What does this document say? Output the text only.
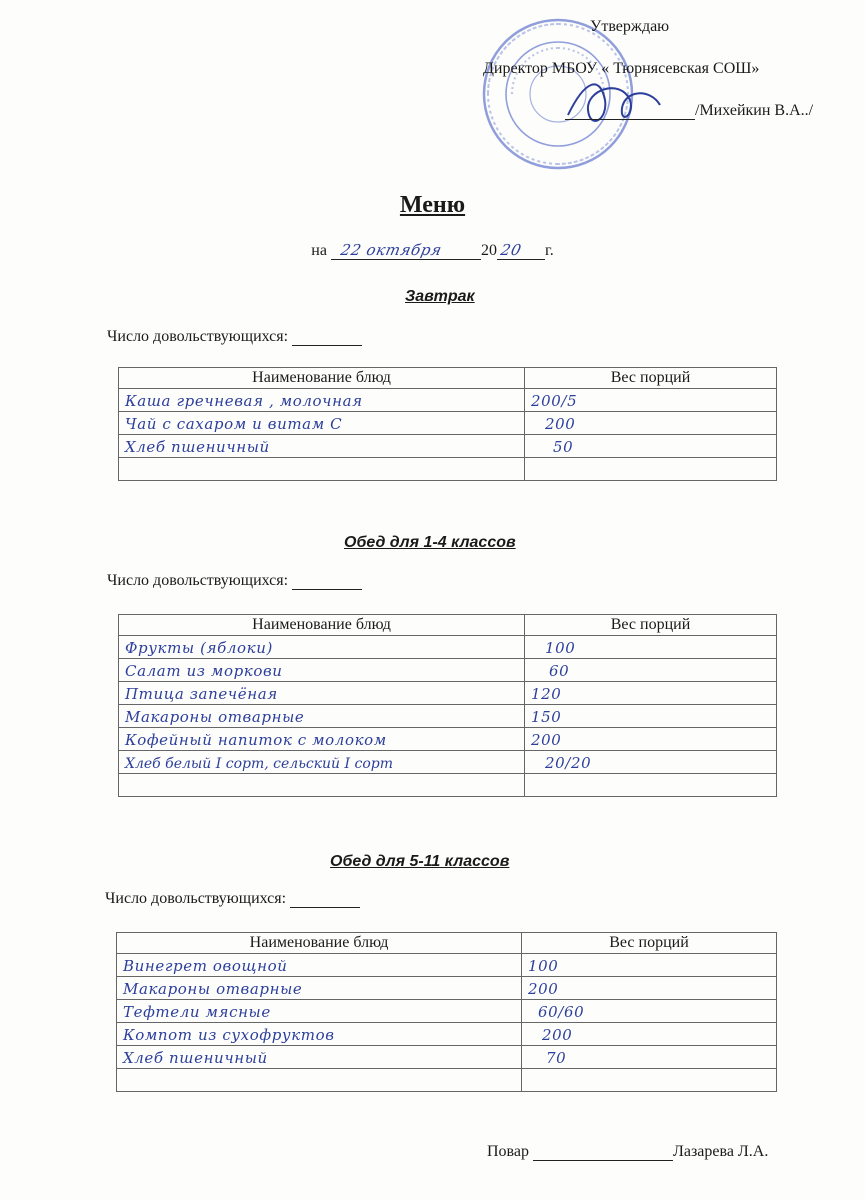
Утверждаю
Директор МБОУ « Тюрнясевская СОШ»
/Михейкин В.А../
Меню
на 22 октября 20 20 г.
Завтрак
Число довольствующихся:
Наименование блюд	Вес порций
Каша гречневая , молочная	200/5
Чай с сахаром и витам С	200
Хлеб пшеничный	50

Обед для 1-4 классов
Число довольствующихся:
Наименование блюд	Вес порций
Фрукты (яблоки)	100
Салат из моркови	60
Птица запечёная	120
Макароны отварные	150
Кофейный напиток с молоком	200
Хлеб белый I сорт, сельский I сорт	20/20

Обед для 5-11 классов
Число довольствующихся:
Наименование блюд	Вес порций
Винегрет овощной	100
Макароны отварные	200
Тефтели мясные	60/60
Компот из сухофруктов	200
Хлеб пшеничный	70

Повар	Лазарева Л.А.
